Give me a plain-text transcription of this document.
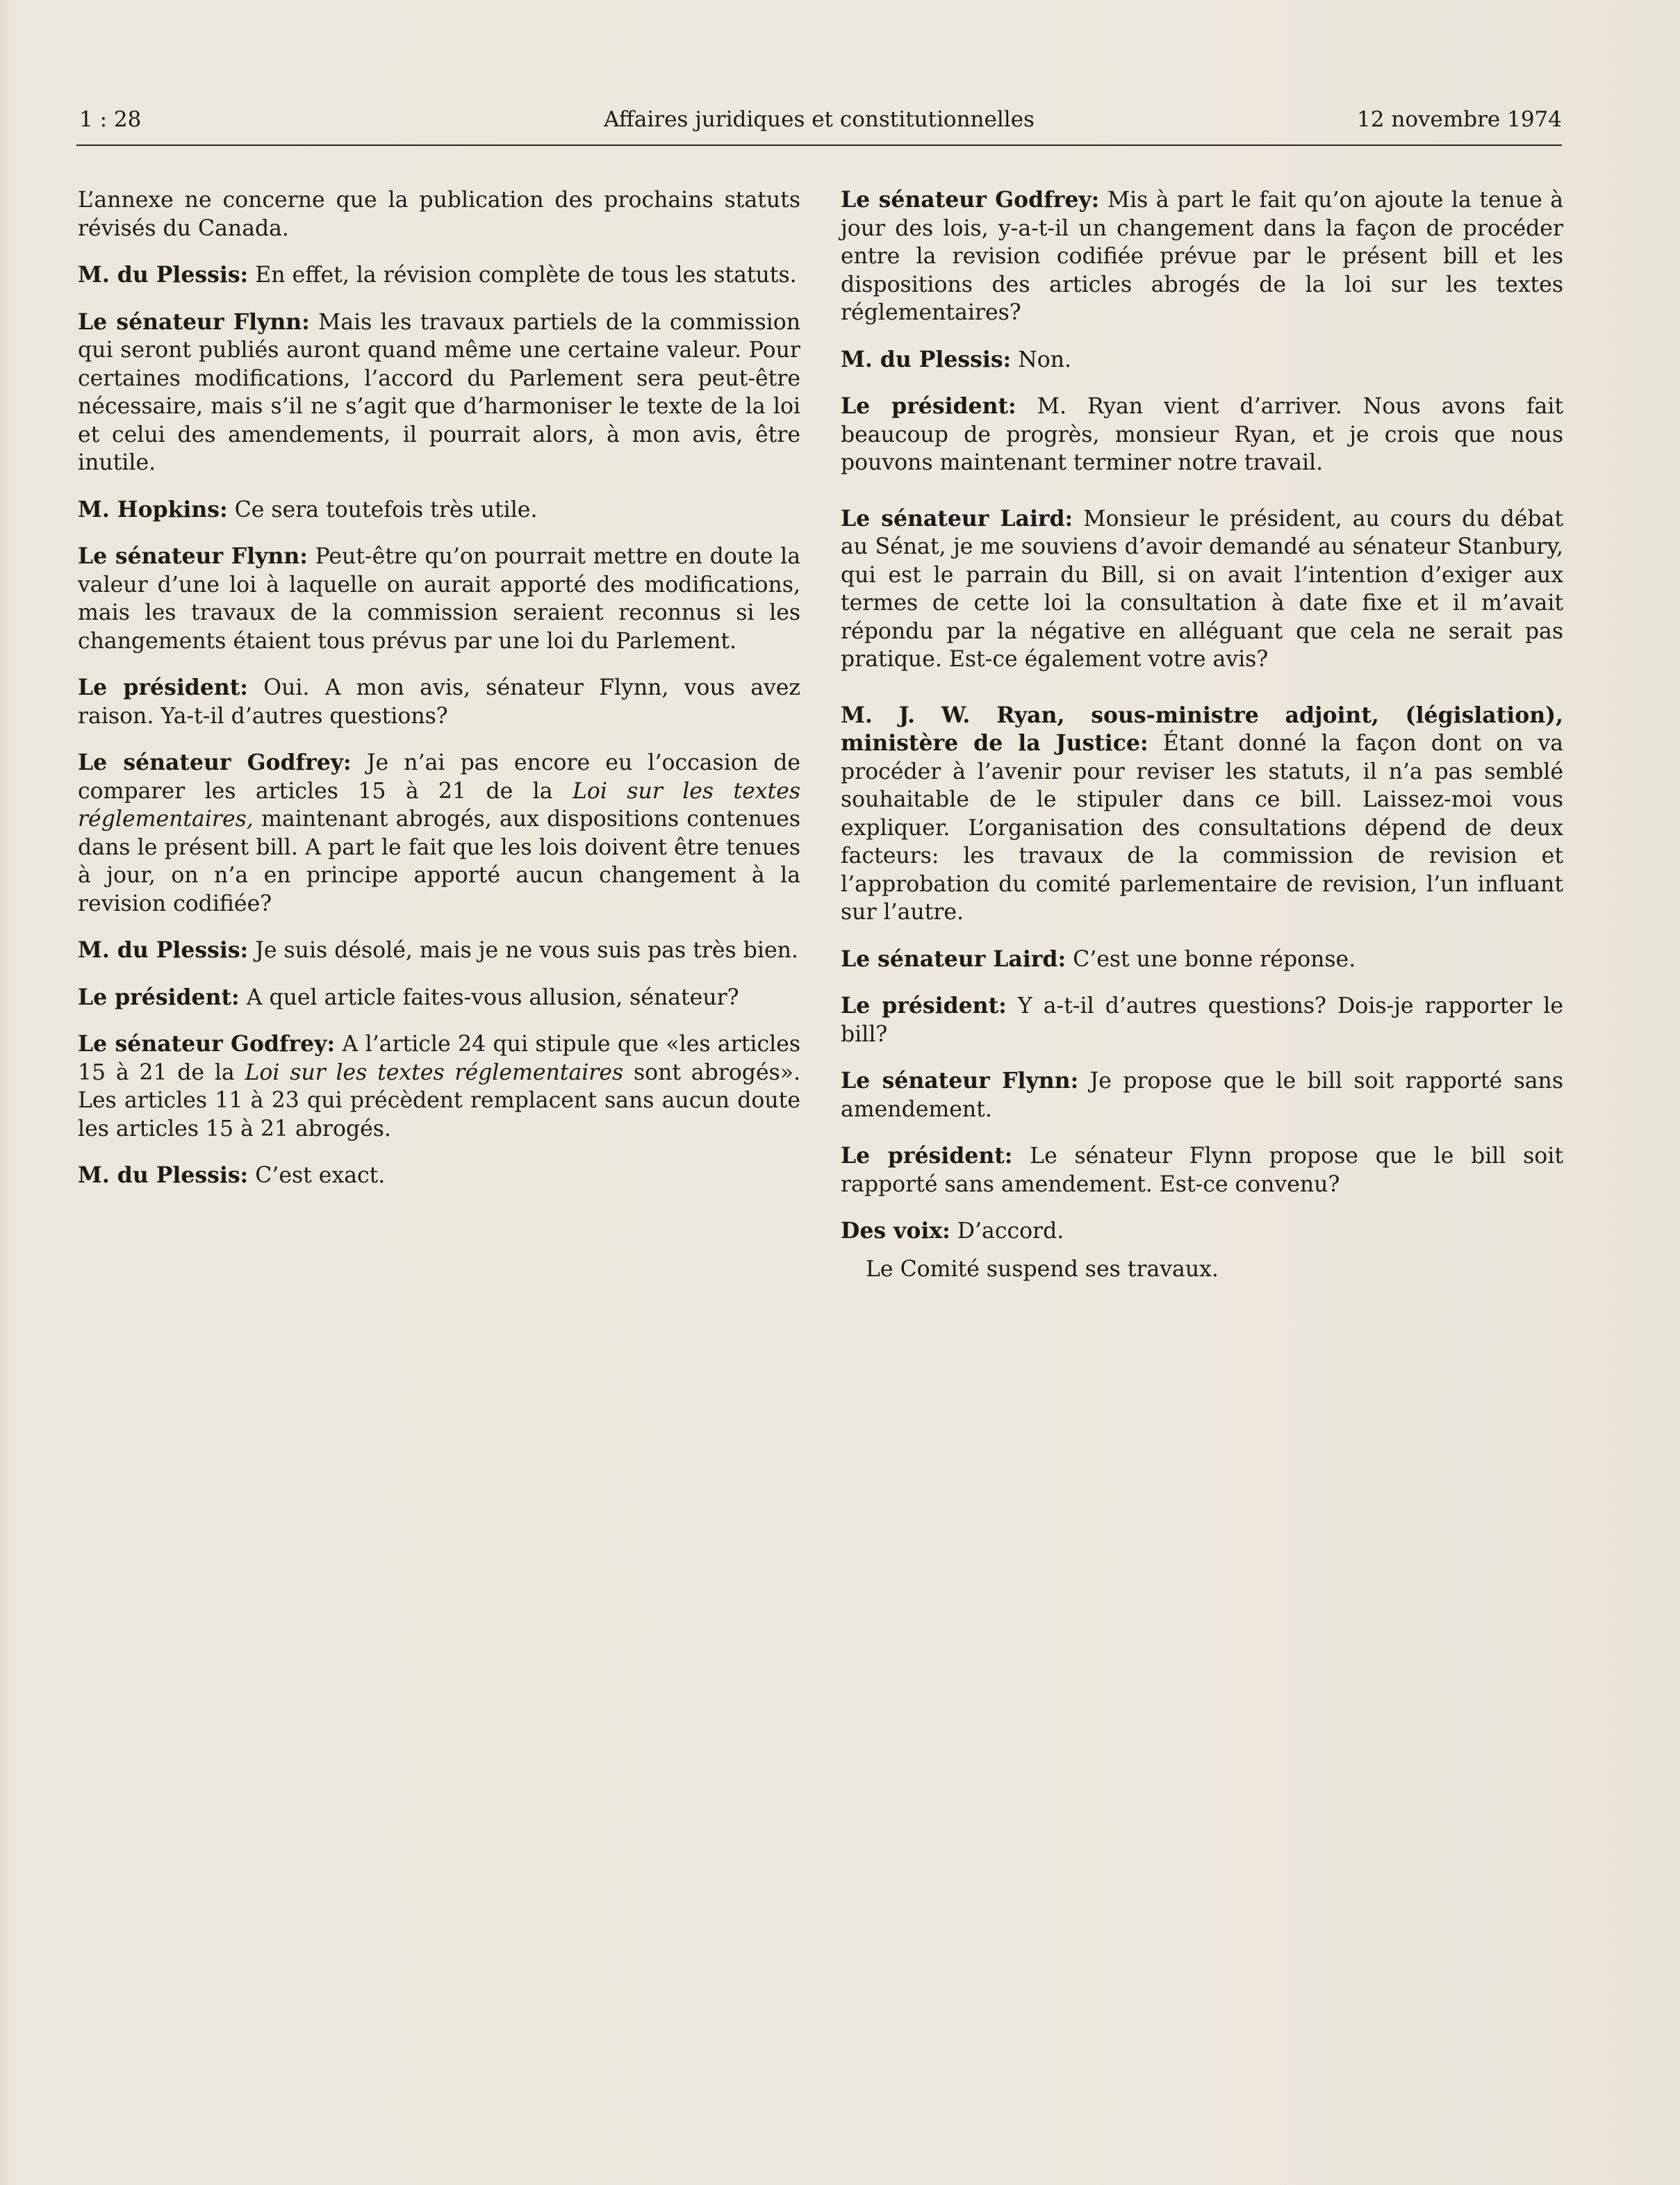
1 : 28	Affaires juridiques et constitutionnelles	12 novembre 1974

L’annexe ne concerne que la publication des prochains statuts révisés du Canada.

M. du Plessis: En effet, la révision complète de tous les statuts.

Le sénateur Flynn: Mais les travaux partiels de la commission qui seront publiés auront quand même une certaine valeur. Pour certaines modifications, l’accord du Parlement sera peut-être nécessaire, mais s’il ne s’agit que d’harmoniser le texte de la loi et celui des amendements, il pourrait alors, à mon avis, être inutile.

M. Hopkins: Ce sera toutefois très utile.

Le sénateur Flynn: Peut-être qu’on pourrait mettre en doute la valeur d’une loi à laquelle on aurait apporté des modifications, mais les travaux de la commission seraient reconnus si les changements étaient tous prévus par une loi du Parlement.

Le président: Oui. A mon avis, sénateur Flynn, vous avez raison. Ya-t-il d’autres questions?

Le sénateur Godfrey: Je n’ai pas encore eu l’occasion de comparer les articles 15 à 21 de la Loi sur les textes réglementaires, maintenant abrogés, aux dispositions contenues dans le présent bill. A part le fait que les lois doivent être tenues à jour, on n’a en principe apporté aucun changement à la revision codifiée?

M. du Plessis: Je suis désolé, mais je ne vous suis pas très bien.

Le président: A quel article faites-vous allusion, sénateur?

Le sénateur Godfrey: A l’article 24 qui stipule que «les articles 15 à 21 de la Loi sur les textes réglementaires sont abrogés». Les articles 11 à 23 qui précèdent remplacent sans aucun doute les articles 15 à 21 abrogés.

M. du Plessis: C’est exact.

Le sénateur Godfrey: Mis à part le fait qu’on ajoute la tenue à jour des lois, y-a-t-il un changement dans la façon de procéder entre la revision codifiée prévue par le présent bill et les dispositions des articles abrogés de la loi sur les textes réglementaires?

M. du Plessis: Non.

Le président: M. Ryan vient d’arriver. Nous avons fait beaucoup de progrès, monsieur Ryan, et je crois que nous pouvons maintenant terminer notre travail.

Le sénateur Laird: Monsieur le président, au cours du débat au Sénat, je me souviens d’avoir demandé au sénateur Stanbury, qui est le parrain du Bill, si on avait l’intention d’exiger aux termes de cette loi la consultation à date fixe et il m’avait répondu par la négative en alléguant que cela ne serait pas pratique. Est-ce également votre avis?

M. J. W. Ryan, sous-ministre adjoint, (législation), ministère de la Justice: Étant donné la façon dont on va procéder à l’avenir pour reviser les statuts, il n’a pas semblé souhaitable de le stipuler dans ce bill. Laissez-moi vous expliquer. L’organisation des consultations dépend de deux facteurs: les travaux de la commission de revision et l’approbation du comité parlementaire de revision, l’un influant sur l’autre.

Le sénateur Laird: C’est une bonne réponse.

Le président: Y a-t-il d’autres questions? Dois-je rapporter le bill?

Le sénateur Flynn: Je propose que le bill soit rapporté sans amendement.

Le président: Le sénateur Flynn propose que le bill soit rapporté sans amendement. Est-ce convenu?

Des voix: D’accord.

Le Comité suspend ses travaux.
